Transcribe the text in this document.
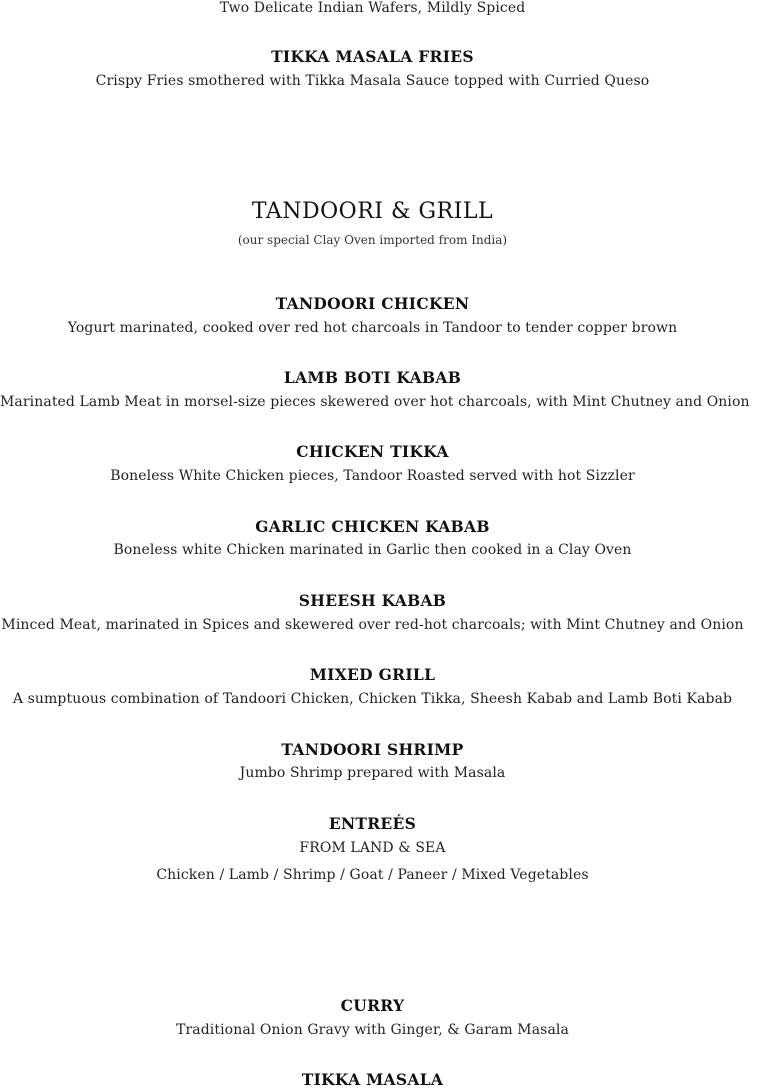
Two Delicate Indian Wafers, Mildly Spiced
TIKKA MASALA FRIES
Crispy Fries smothered with Tikka Masala Sauce topped with Curried Queso
TANDOORI & GRILL
(our special Clay Oven imported from India)
TANDOORI CHICKEN
Yogurt marinated, cooked over red hot charcoals in Tandoor to tender copper brown
LAMB BOTI KABAB
Marinated Lamb Meat in morsel-size pieces skewered over hot charcoals, with Mint Chutney and Onion
CHICKEN TIKKA
Boneless White Chicken pieces, Tandoor Roasted served with hot Sizzler
GARLIC CHICKEN KABAB
Boneless white Chicken marinated in Garlic then cooked in a Clay Oven
SHEESH KABAB
Minced Meat, marinated in Spices and skewered over red-hot charcoals; with Mint Chutney and Onion
MIXED GRILL
A sumptuous combination of Tandoori Chicken, Chicken Tikka, Sheesh Kabab and Lamb Boti Kabab
TANDOORI SHRIMP
Jumbo Shrimp prepared with Masala
ENTREÉS
FROM LAND & SEA
Chicken / Lamb / Shrimp / Goat / Paneer / Mixed Vegetables
CURRY
Traditional Onion Gravy with Ginger, & Garam Masala
TIKKA MASALA
